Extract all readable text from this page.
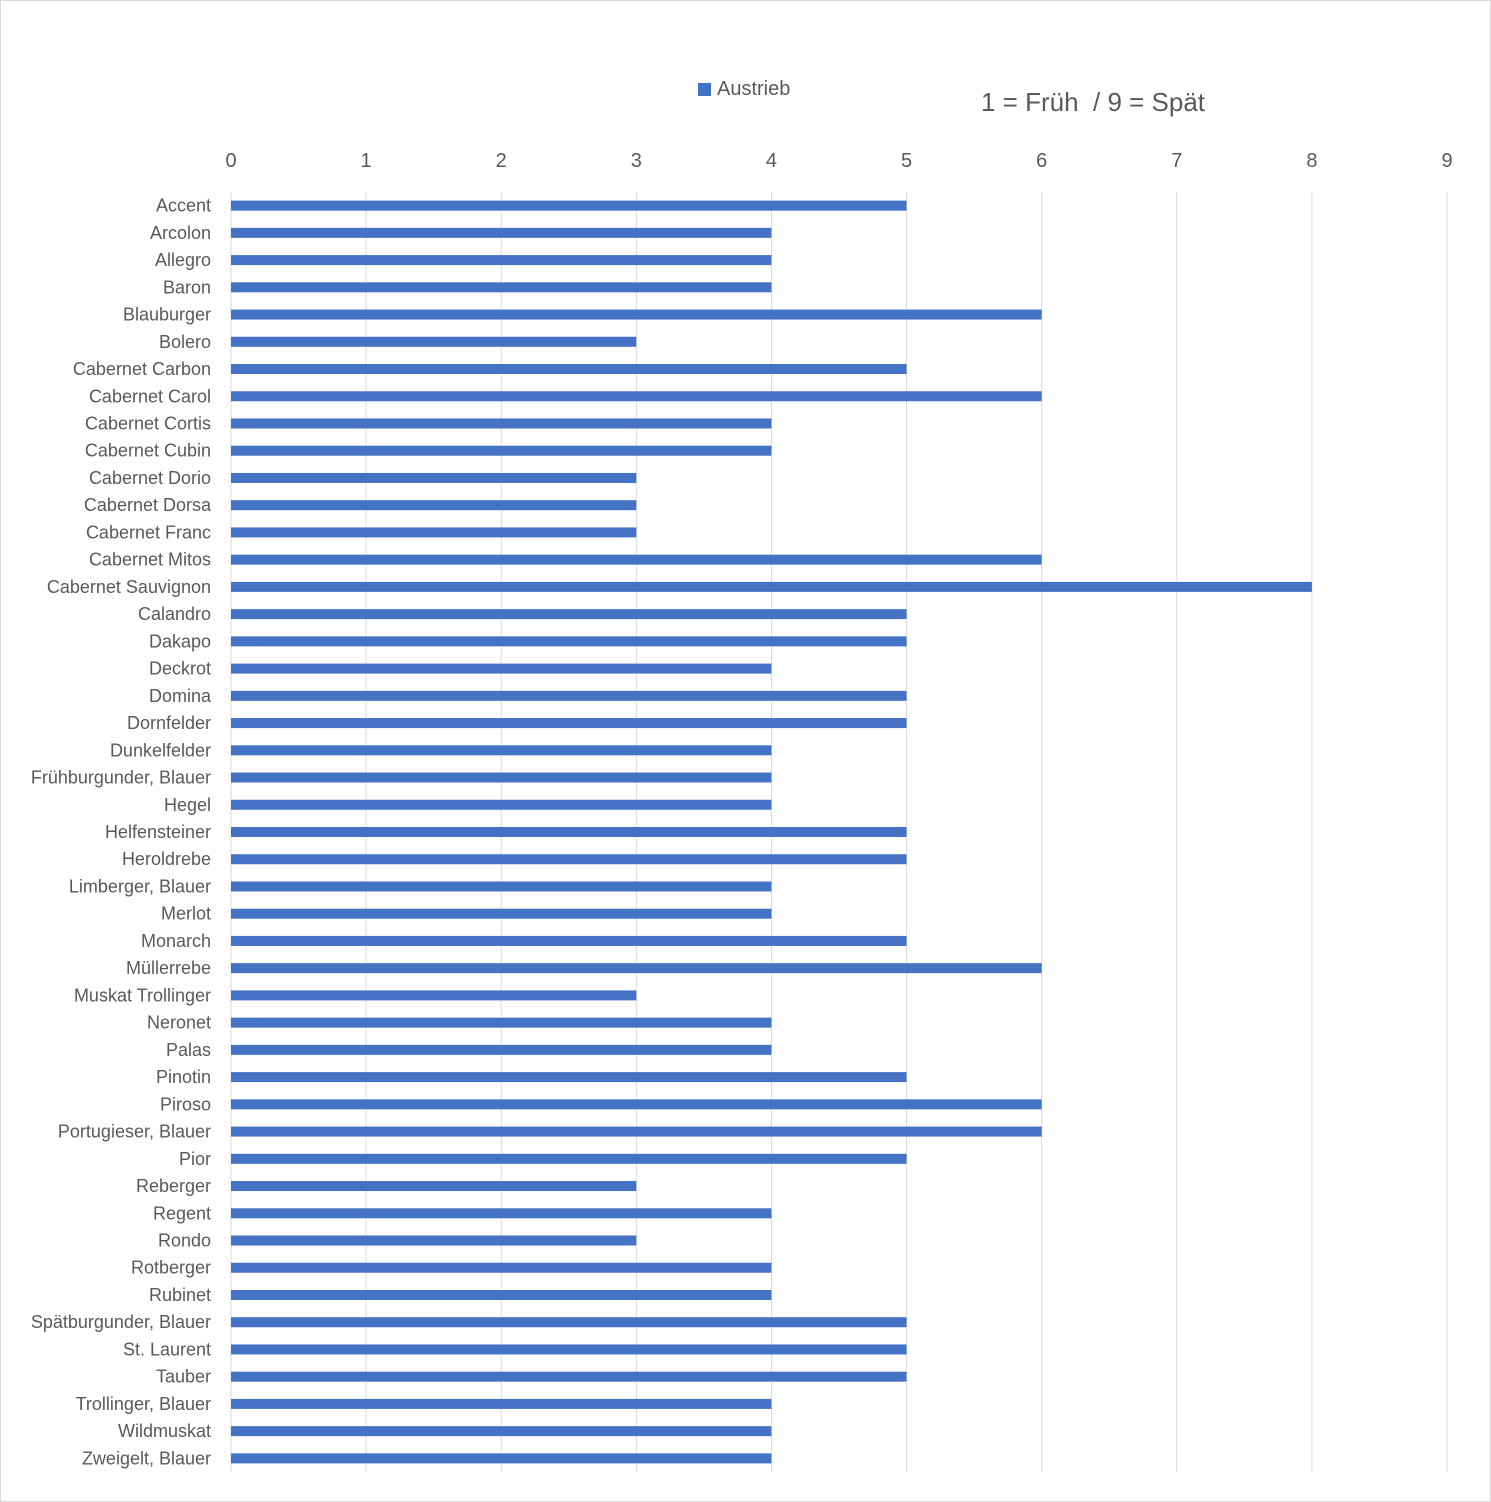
Austrieb	1 = Früh  / 9 = Spät
0	1	2	3	4	5	6	7	8	9
Accent
Arcolon
Allegro
Baron
Blauburger
Bolero
Cabernet Carbon
Cabernet Carol
Cabernet Cortis
Cabernet Cubin
Cabernet Dorio
Cabernet Dorsa
Cabernet Franc
Cabernet Mitos
Cabernet Sauvignon
Calandro
Dakapo
Deckrot
Domina
Dornfelder
Dunkelfelder
Frühburgunder, Blauer
Hegel
Helfensteiner
Heroldrebe
Limberger, Blauer
Merlot
Monarch
Müllerrebe
Muskat Trollinger
Neronet
Palas
Pinotin
Piroso
Portugieser, Blauer
Pior
Reberger
Regent
Rondo
Rotberger
Rubinet
Spätburgunder, Blauer
St. Laurent
Tauber
Trollinger, Blauer
Wildmuskat
Zweigelt, Blauer
